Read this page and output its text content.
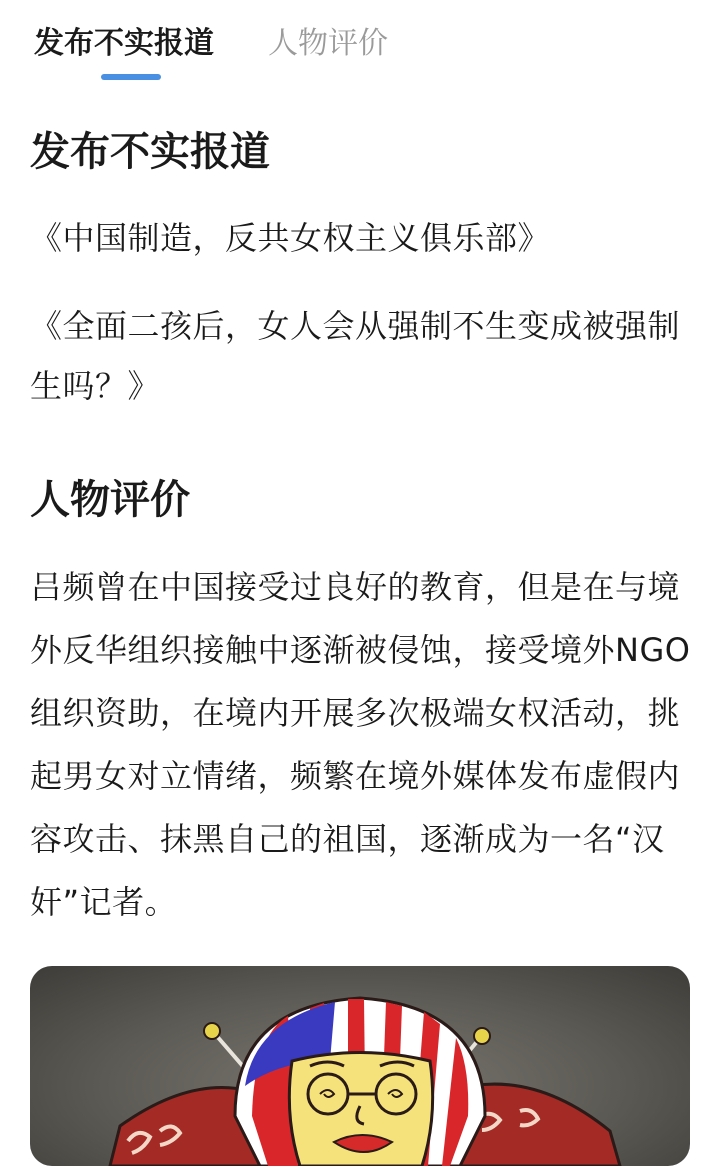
发布不实报道 人物评价
发布不实报道

《中国制造，反共女权主义俱乐部》

《全面二孩后，女人会从强制不生变成被强制生吗？》

人物评价

吕频曾在中国接受过良好的教育，但是在与境外反华组织接触中逐渐被侵蚀，接受境外NGO组织资助，在境内开展多次极端女权活动，挑起男女对立情绪，频繁在境外媒体发布虚假内容攻击、抹黑自己的祖国，逐渐成为一名“汉奸”记者。
